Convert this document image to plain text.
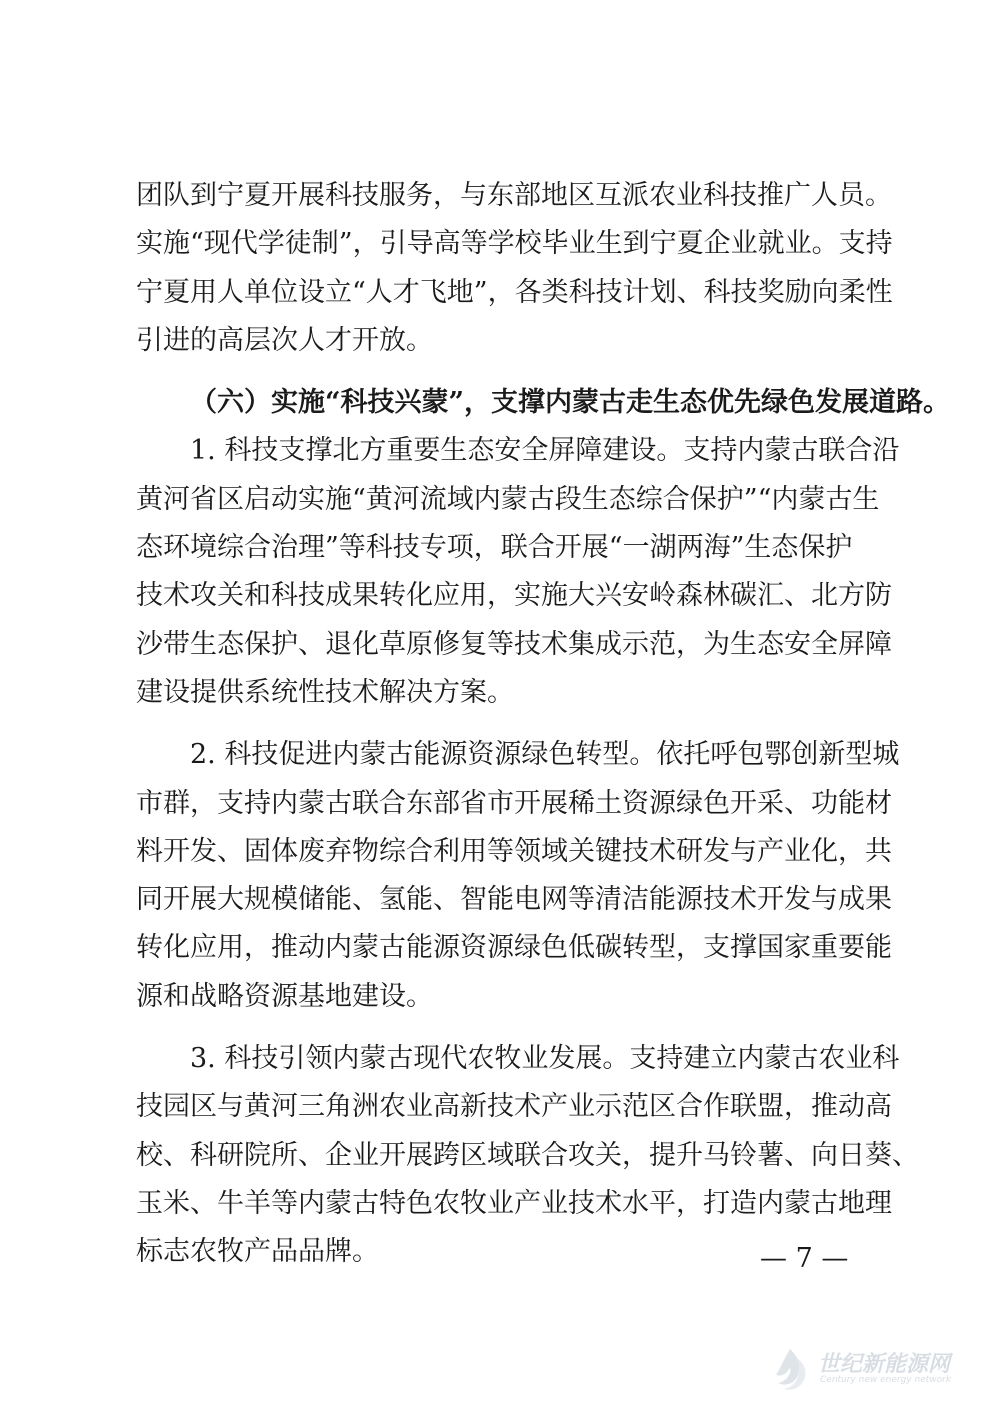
团队到宁夏开展科技服务，与东部地区互派农业科技推广人员。
实施“现代学徒制”，引导高等学校毕业生到宁夏企业就业。支持
宁夏用人单位设立“人才飞地”，各类科技计划、科技奖励向柔性
引进的高层次人才开放。
（六）实施“科技兴蒙”，支撑内蒙古走生态优先绿色发展道路。
1. 科技支撑北方重要生态安全屏障建设。支持内蒙古联合沿
黄河省区启动实施“黄河流域内蒙古段生态综合保护”“内蒙古生
态环境综合治理”等科技专项，联合开展“一湖两海”生态保护
技术攻关和科技成果转化应用，实施大兴安岭森林碳汇、北方防
沙带生态保护、退化草原修复等技术集成示范，为生态安全屏障
建设提供系统性技术解决方案。
2. 科技促进内蒙古能源资源绿色转型。依托呼包鄂创新型城
市群，支持内蒙古联合东部省市开展稀土资源绿色开采、功能材
料开发、固体废弃物综合利用等领域关键技术研发与产业化，共
同开展大规模储能、氢能、智能电网等清洁能源技术开发与成果
转化应用，推动内蒙古能源资源绿色低碳转型，支撑国家重要能
源和战略资源基地建设。
3. 科技引领内蒙古现代农牧业发展。支持建立内蒙古农业科
技园区与黄河三角洲农业高新技术产业示范区合作联盟，推动高
校、科研院所、企业开展跨区域联合攻关，提升马铃薯、向日葵、
玉米、牛羊等内蒙古特色农牧业产业技术水平，打造内蒙古地理
标志农牧产品品牌。	— 7 —
世纪新能源网
Century new energy network
